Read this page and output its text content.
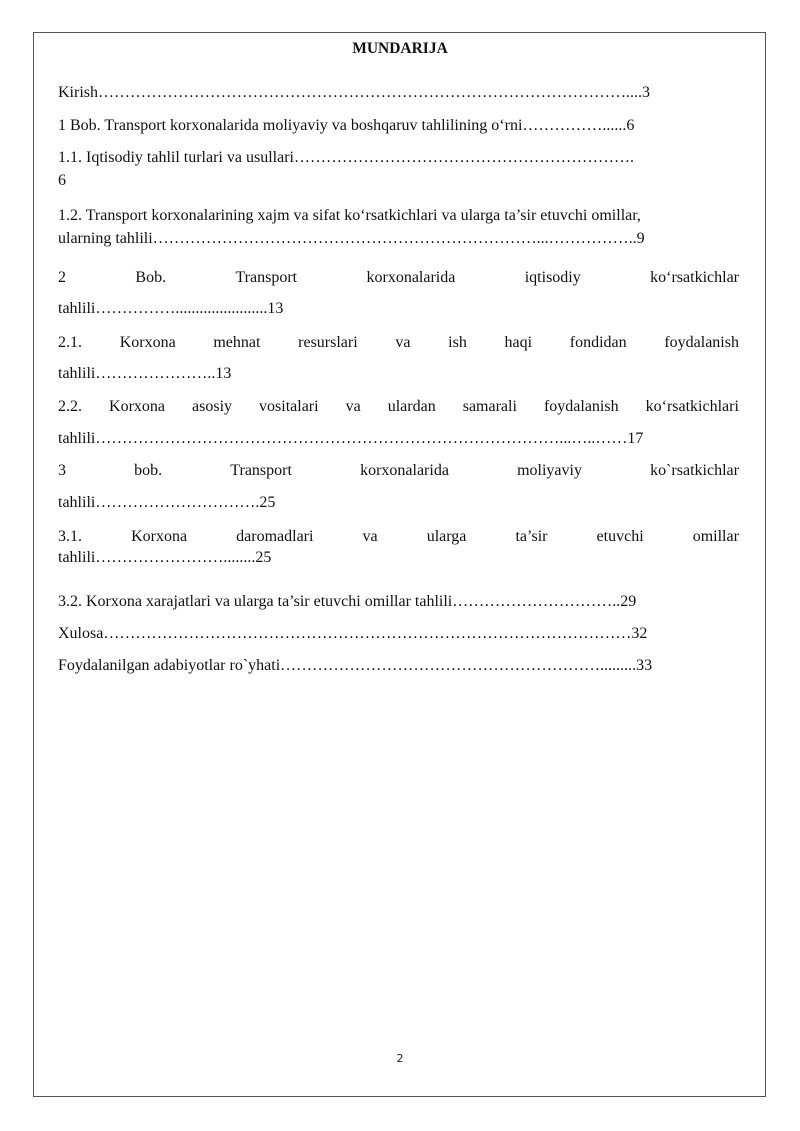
MUNDARIJA
Kirish………………………………………………………………………………………....3
1 Bob. Transport korxonalarida moliyaviy va boshqaruv tahlilining o‘rni……………......6
1.1. Iqtisodiy tahlil turlari va usullari……………………………………………………….
6
1.2. Transport korxonalarining xajm va sifat ko‘rsatkichlari va ularga ta’sir etuvchi omillar,
ularning tahlili………………………………………………………………...……………..9
2	Bob.	Transport	korxonalarida	iqtisodiy	ko‘rsatkichlar
tahlili…………….......................13
2.1. Korxona mehnat resurslari va ish haqi fondidan foydalanish
tahlili…………………..13
2.2. Korxona asosiy vositalari va ulardan samarali foydalanish ko‘rsatkichlari
tahlili……………………………………………………………………………...…..……17
3	bob.	Transport	korxonalarida	moliyaviy	ko`rsatkichlar
tahlili………………………….25
3.1.	Korxona	daromadlari	va	ularga	ta’sir	etuvchi	omillar
tahlili……………………........25
3.2. Korxona xarajatlari va ularga ta’sir etuvchi omillar tahlili…………………………..29
Xulosa………………………………………………………………………………………32
Foydalanilgan adabiyotlar ro`yhati…………………………………………………….........33
2
